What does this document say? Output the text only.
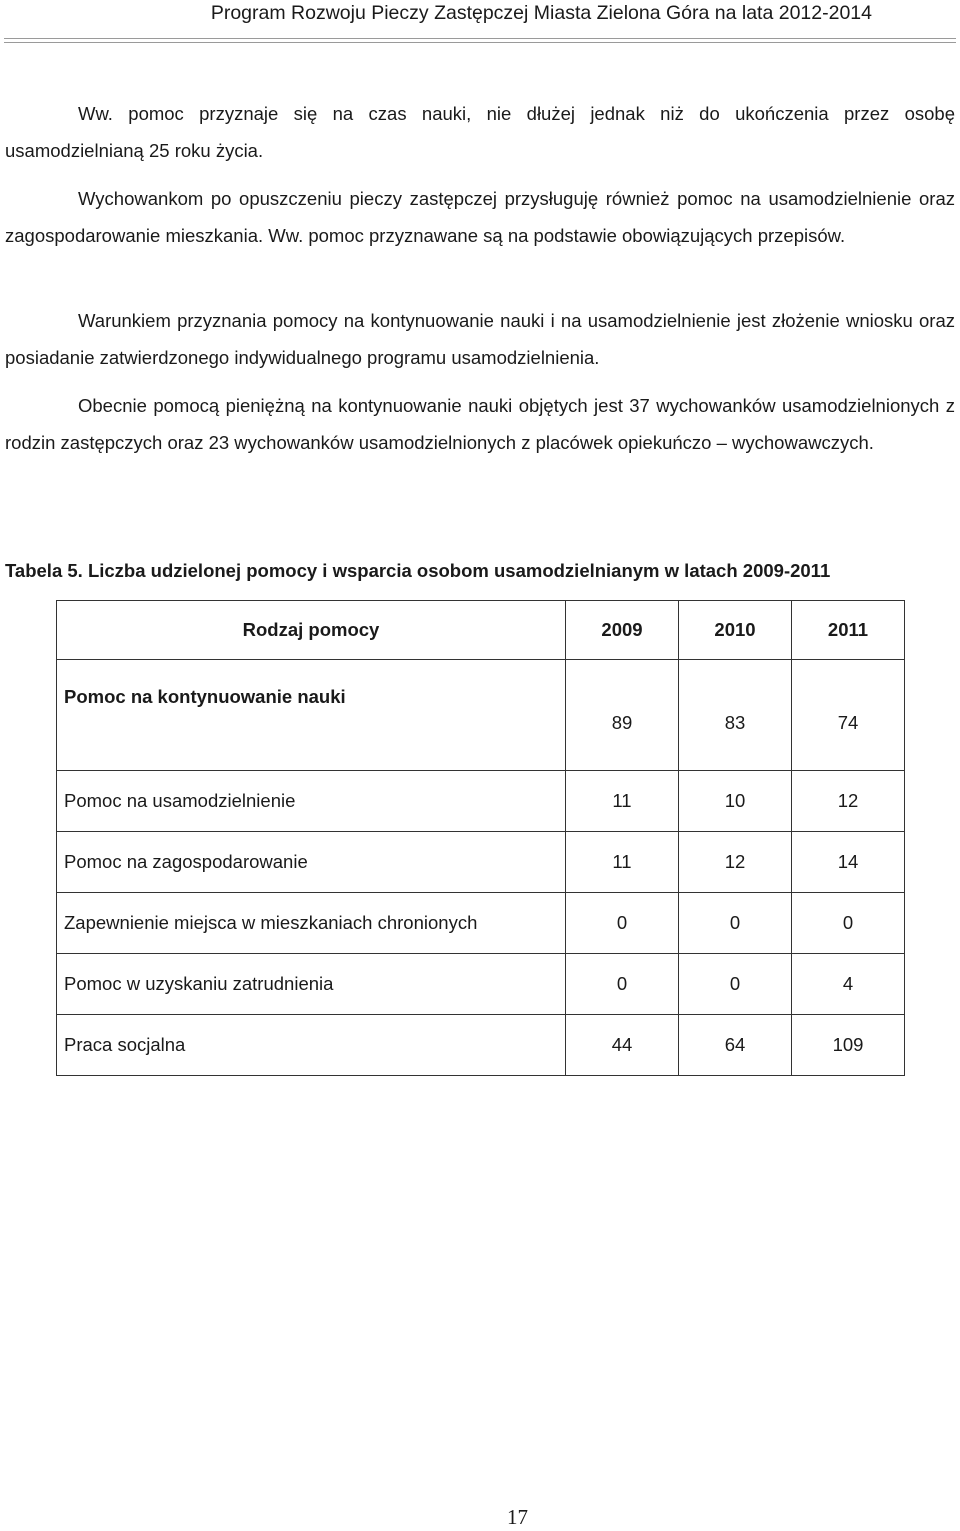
Program Rozwoju Pieczy Zastępczej Miasta Zielona Góra na lata 2012-2014

Ww. pomoc przyznaje się na czas nauki, nie dłużej jednak niż do ukończenia przez osobę usamodzielnianą 25 roku życia.

Wychowankom po opuszczeniu pieczy zastępczej przysługuję również pomoc na usamodzielnienie oraz zagospodarowanie mieszkania. Ww. pomoc przyznawane są na podstawie obowiązujących przepisów.

Warunkiem przyznania pomocy na kontynuowanie nauki i na usamodzielnienie jest złożenie wniosku oraz posiadanie zatwierdzonego indywidualnego programu usamodzielnienia.

Obecnie pomocą pieniężną na kontynuowanie nauki objętych jest 37 wychowanków usamodzielnionych z rodzin zastępczych oraz 23 wychowanków usamodzielnionych z placówek opiekuńczo – wychowawczych.

Tabela 5. Liczba udzielonej pomocy i wsparcia osobom usamodzielnianym w latach 2009-2011

Rodzaj pomocy	2009	2010	2011
Pomoc na kontynuowanie nauki	89	83	74
Pomoc na usamodzielnienie	11	10	12
Pomoc na zagospodarowanie	11	12	14
Zapewnienie miejsca w mieszkaniach chronionych	0	0	0
Pomoc w uzyskaniu zatrudnienia	0	0	4
Praca socjalna	44	64	109
17
